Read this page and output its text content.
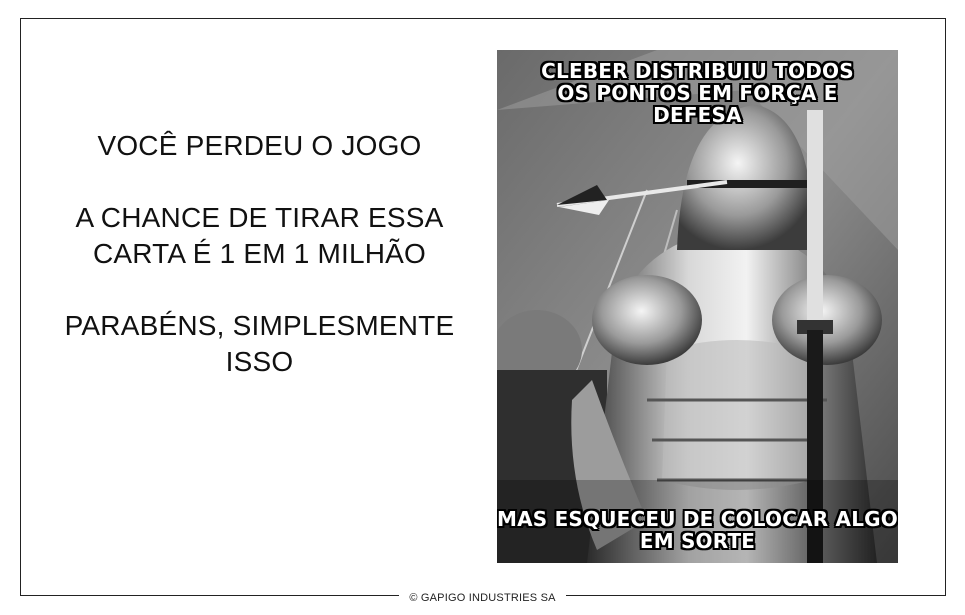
VOCÊ PERDEU O JOGO

A CHANCE DE TIRAR ESSA CARTA É 1 EM 1 MILHÃO

PARABÉNS, SIMPLESMENTE ISSO

CLEBER DISTRIBUIU TODOS OS PONTOS EM FORÇA E DEFESA
MAS ESQUECEU DE COLOCAR ALGO EM SORTE
© GAPIGO INDUSTRIES SA
